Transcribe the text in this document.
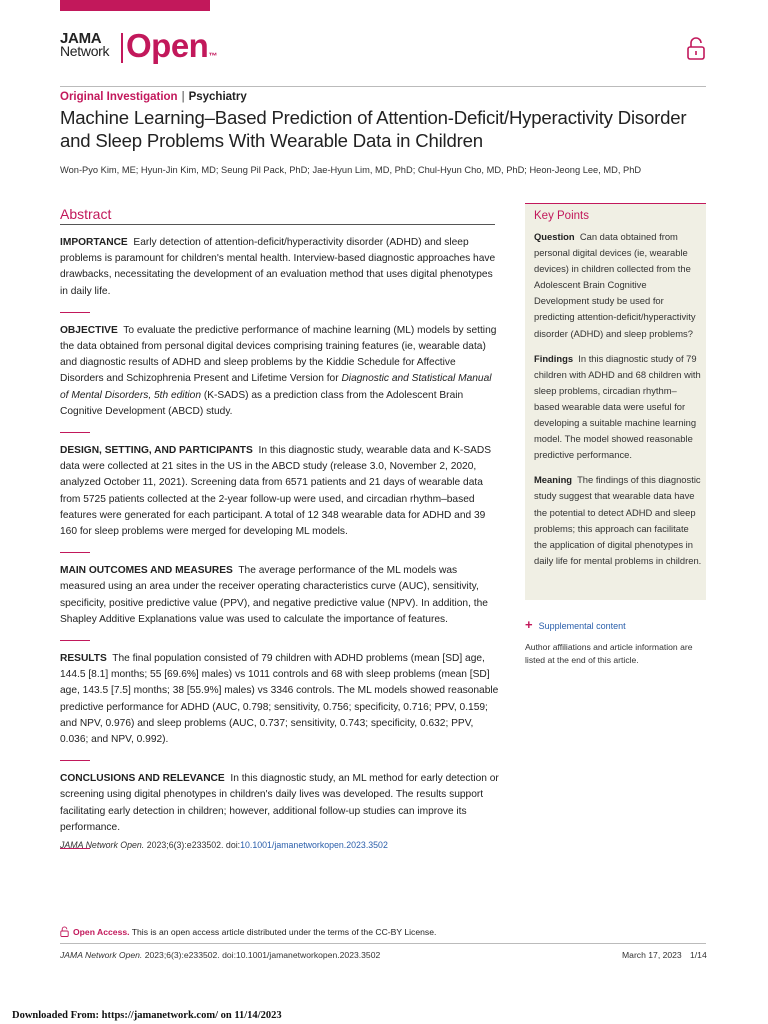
JAMA
Network Open™
Original Investigation | Psychiatry
Machine Learning–Based Prediction of Attention-Deficit/Hyperactivity Disorder and Sleep Problems With Wearable Data in Children
Won-Pyo Kim, ME; Hyun-Jin Kim, MD; Seung Pil Pack, PhD; Jae-Hyun Lim, MD, PhD; Chul-Hyun Cho, MD, PhD; Heon-Jeong Lee, MD, PhD
Abstract

IMPORTANCE Early detection of attention-deficit/hyperactivity disorder (ADHD) and sleep problems is paramount for children's mental health. Interview-based diagnostic approaches have drawbacks, necessitating the development of an evaluation method that uses digital phenotypes in daily life.

OBJECTIVE To evaluate the predictive performance of machine learning (ML) models by setting the data obtained from personal digital devices comprising training features (ie, wearable data) and diagnostic results of ADHD and sleep problems by the Kiddie Schedule for Affective Disorders and Schizophrenia Present and Lifetime Version for Diagnostic and Statistical Manual of Mental Disorders, 5th edition (K-SADS) as a prediction class from the Adolescent Brain Cognitive Development (ABCD) study.

DESIGN, SETTING, AND PARTICIPANTS In this diagnostic study, wearable data and K-SADS data were collected at 21 sites in the US in the ABCD study (release 3.0, November 2, 2020, analyzed October 11, 2021). Screening data from 6571 patients and 21 days of wearable data from 5725 patients collected at the 2-year follow-up were used, and circadian rhythm–based features were generated for each participant. A total of 12 348 wearable data for ADHD and 39 160 for sleep problems were merged for developing ML models.

MAIN OUTCOMES AND MEASURES The average performance of the ML models was measured using an area under the receiver operating characteristics curve (AUC), sensitivity, specificity, positive predictive value (PPV), and negative predictive value (NPV). In addition, the Shapley Additive Explanations value was used to calculate the importance of features.

RESULTS The final population consisted of 79 children with ADHD problems (mean [SD] age, 144.5 [8.1] months; 55 [69.6%] males) vs 1011 controls and 68 with sleep problems (mean [SD] age, 143.5 [7.5] months; 38 [55.9%] males) vs 3346 controls. The ML models showed reasonable predictive performance for ADHD (AUC, 0.798; sensitivity, 0.756; specificity, 0.716; PPV, 0.159; and NPV, 0.976) and sleep problems (AUC, 0.737; sensitivity, 0.743; specificity, 0.632; PPV, 0.036; and NPV, 0.992).

CONCLUSIONS AND RELEVANCE In this diagnostic study, an ML method for early detection or screening using digital phenotypes in children's daily lives was developed. The results support facilitating early detection in children; however, additional follow-up studies can improve its performance.

JAMA Network Open. 2023;6(3):e233502. doi:10.1001/jamanetworkopen.2023.3502
Key Points

Question Can data obtained from personal digital devices (ie, wearable devices) in children collected from the Adolescent Brain Cognitive Development study be used for predicting attention-deficit/hyperactivity disorder (ADHD) and sleep problems?

Findings In this diagnostic study of 79 children with ADHD and 68 children with sleep problems, circadian rhythm–based wearable data were useful for developing a suitable machine learning model. The model showed reasonable predictive performance.

Meaning The findings of this diagnostic study suggest that wearable data have the potential to detect ADHD and sleep problems; this approach can facilitate the application of digital phenotypes in daily life for mental problems in children.

+ Supplemental content
Author affiliations and article information are listed at the end of this article.
Open Access. This is an open access article distributed under the terms of the CC-BY License.
JAMA Network Open. 2023;6(3):e233502. doi:10.1001/jamanetworkopen.2023.3502	March 17, 2023 1/14
Downloaded From: https://jamanetwork.com/ on 11/14/2023
